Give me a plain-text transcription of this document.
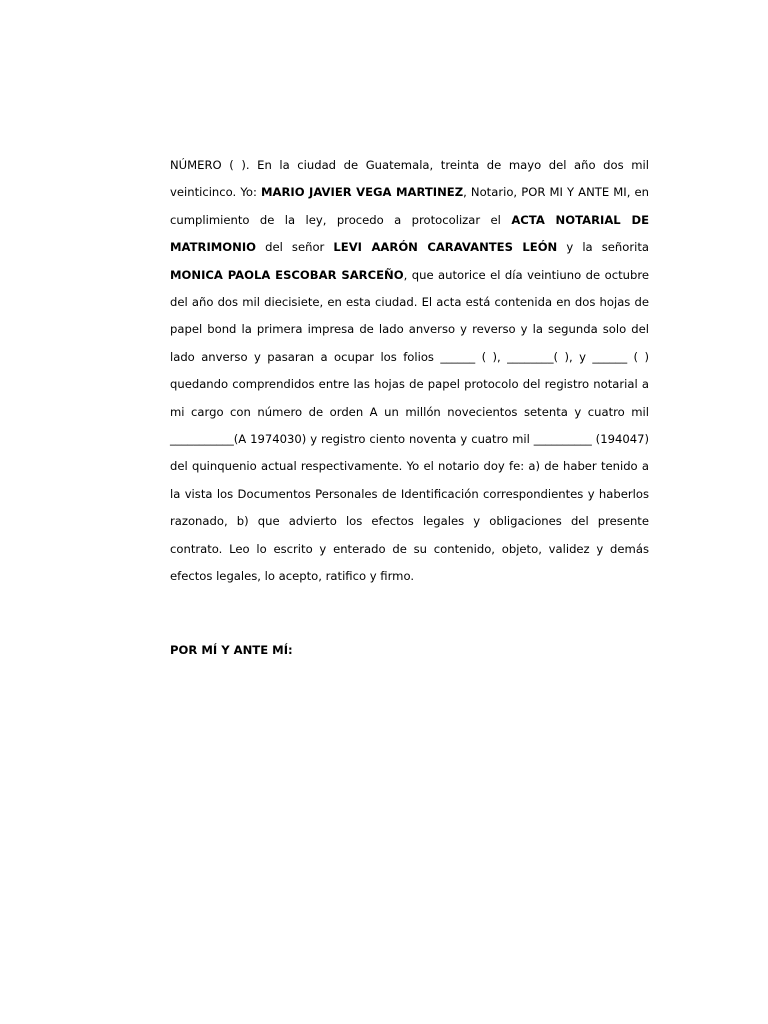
NÚMERO ( ). En la ciudad de Guatemala, treinta de mayo del año dos mil veinticinco. Yo: MARIO JAVIER VEGA MARTINEZ, Notario, POR MI Y ANTE MI, en cumplimiento de la ley, procedo a protocolizar el ACTA NOTARIAL DE MATRIMONIO del señor LEVI AARÓN CARAVANTES LEÓN y la señorita MONICA PAOLA ESCOBAR SARCEÑO, que autorice el día veintiuno de octubre del año dos mil diecisiete, en esta ciudad. El acta está contenida en dos hojas de papel bond la primera impresa de lado anverso y reverso y la segunda solo del lado anverso y pasaran a ocupar los folios ______ ( ), ________( ), y ______ ( ) quedando comprendidos entre las hojas de papel protocolo del registro notarial a mi cargo con número de orden A un millón novecientos setenta y cuatro mil ___________(A 1974030) y registro ciento noventa y cuatro mil __________ (194047) del quinquenio actual respectivamente. Yo el notario doy fe: a) de haber tenido a la vista los Documentos Personales de Identificación correspondientes y haberlos razonado, b) que advierto los efectos legales y obligaciones del presente contrato. Leo lo escrito y enterado de su contenido, objeto, validez y demás efectos legales, lo acepto, ratifico y firmo.

POR MÍ Y ANTE MÍ:
